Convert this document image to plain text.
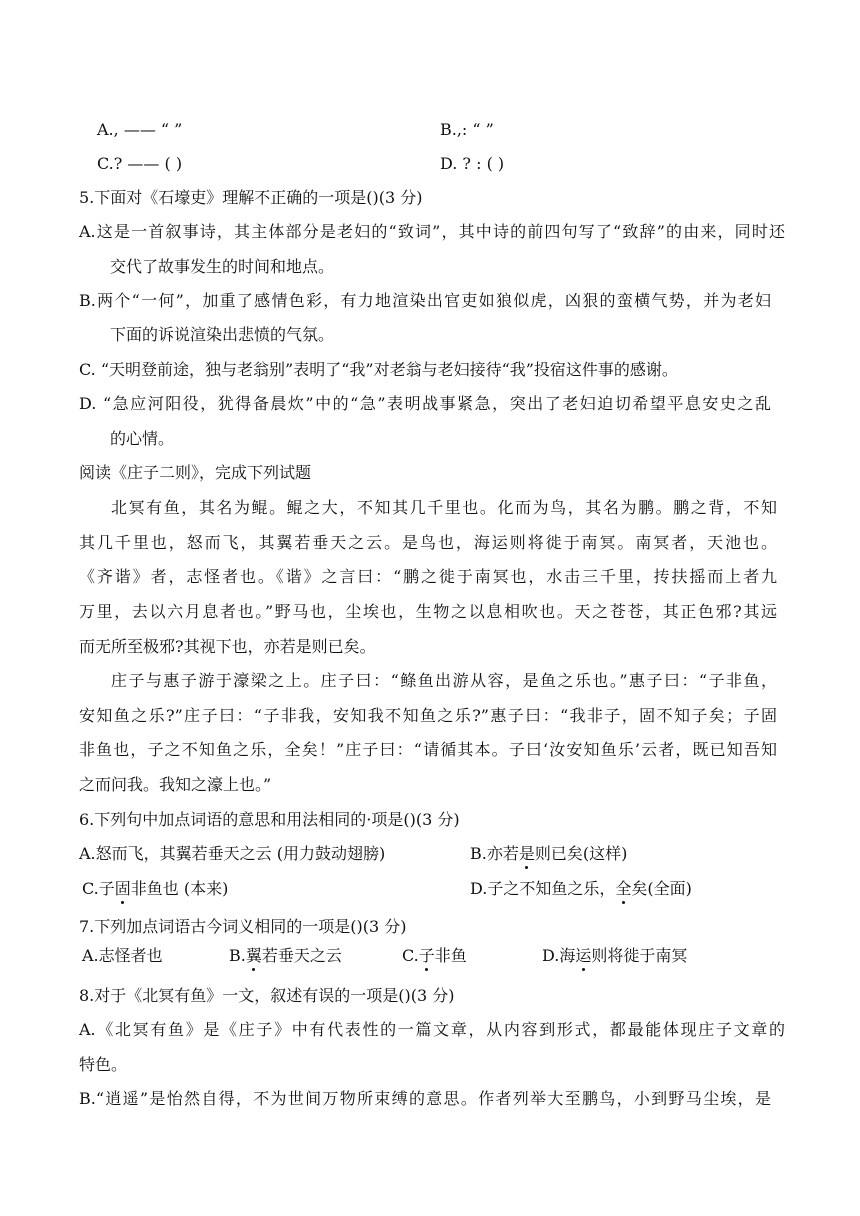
A., —— “ ”	B.,: “ ”
C.? —— ( )	D. ? : ( )
5.下面对《石壕吏》理解不正确的一项是()(3 分)
A.这是一首叙事诗，其主体部分是老妇的“致词”，其中诗的前四句写了“致辞”的由来，同时还
交代了故事发生的时间和地点。
B.两个“一何”，加重了感情色彩，有力地渲染出官吏如狼似虎，凶狠的蛮横气势，并为老妇
下面的诉说渲染出悲愤的气氛。
C. “天明登前途，独与老翁别”表明了“我”对老翁与老妇接待“我”投宿这件事的感谢。
D. “急应河阳役，犹得备晨炊”中的“急”表明战事紧急，突出了老妇迫切希望平息安史之乱
的心情。
阅读《庄子二则》，完成下列试题
北冥有鱼，其名为鲲。鲲之大，不知其几千里也。化而为鸟，其名为鹏。鹏之背，不知
其几千里也，怒而飞，其翼若垂天之云。是鸟也，海运则将徙于南冥。南冥者，天池也。
《齐谐》者，志怪者也。《谐》之言曰：“鹏之徙于南冥也，水击三千里，抟扶摇而上者九
万里，去以六月息者也。”野马也，尘埃也，生物之以息相吹也。天之苍苍，其正色邪?其远
而无所至极邪?其视下也，亦若是则已矣。
庄子与惠子游于濠梁之上。庄子曰：“鲦鱼出游从容，是鱼之乐也。”惠子曰：“子非鱼，
安知鱼之乐?”庄子曰：“子非我，安知我不知鱼之乐?”惠子曰：“我非子，固不知子矣；子固
非鱼也，子之不知鱼之乐，全矣！”庄子曰：“请循其本。子曰‘汝安知鱼乐’云者，既已知吾知
之而问我。我知之濠上也。”
6.下列句中加点词语的意思和用法相同的·项是()(3 分)
A.怒而飞，其翼若垂天之云 (用力鼓动翅膀)	B.亦若是则已矣(这样)
C.子固非鱼也 (本来)	D.子之不知鱼之乐，全矣(全面)
7.下列加点词语古今词义相同的一项是()(3 分)
A.志怪者也	B.翼若垂天之云	C.子非鱼	D.海运则将徙于南冥
8.对于《北冥有鱼》一文，叙述有误的一项是()(3 分)
A.《北冥有鱼》是《庄子》中有代表性的一篇文章，从内容到形式，都最能体现庄子文章的
特色。
B.“逍遥”是怡然自得，不为世间万物所束缚的意思。作者列举大至鹏鸟，小到野马尘埃，是
